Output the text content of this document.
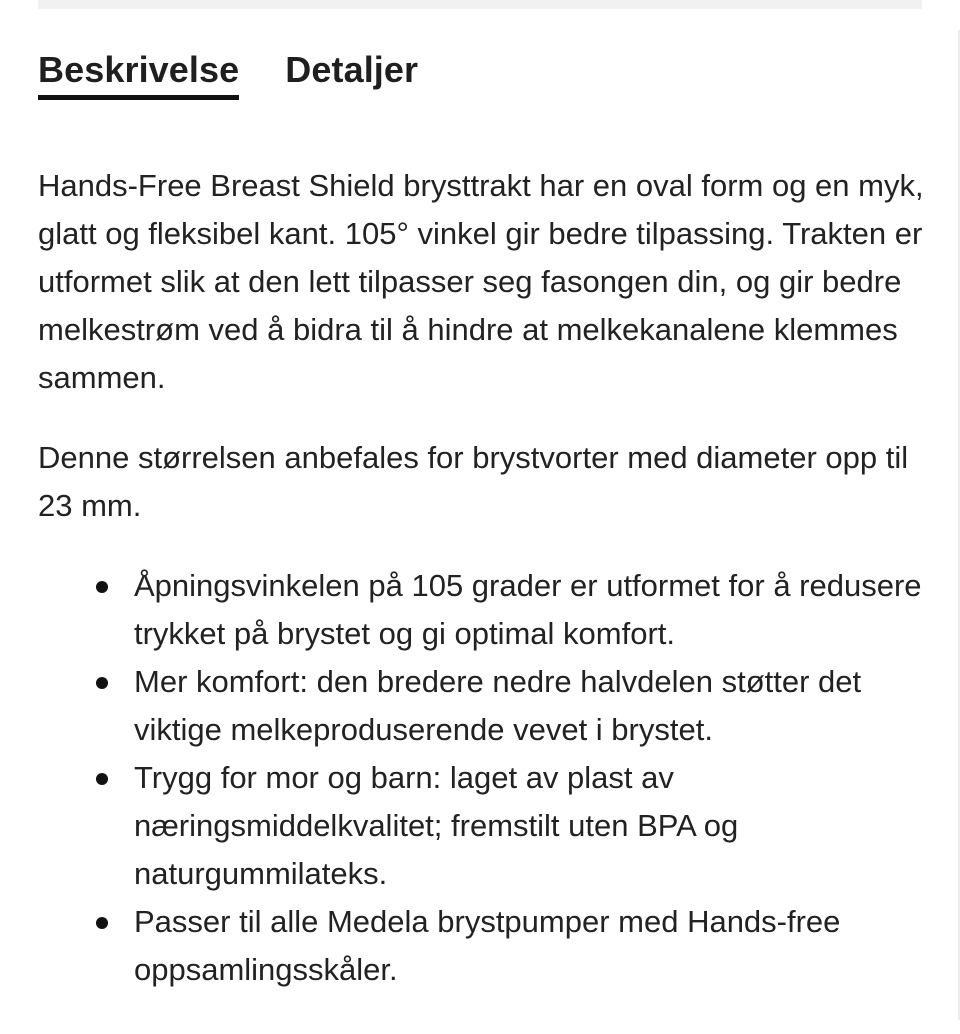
Beskrivelse Detaljer

Hands-Free Breast Shield brysttrakt har en oval form og en myk, glatt og fleksibel kant. 105° vinkel gir bedre tilpassing. Trakten er utformet slik at den lett tilpasser seg fasongen din, og gir bedre melkestrøm ved å bidra til å hindre at melkekanalene klemmes sammen.

Denne størrelsen anbefales for brystvorter med diameter opp til 23 mm.

Åpningsvinkelen på 105 grader er utformet for å redusere trykket på brystet og gi optimal komfort.
Mer komfort: den bredere nedre halvdelen støtter det viktige melkeproduserende vevet i brystet.
Trygg for mor og barn: laget av plast av næringsmiddelkvalitet; fremstilt uten BPA og naturgummilateks.
Passer til alle Medela brystpumper med Hands-free oppsamlingsskåler.
